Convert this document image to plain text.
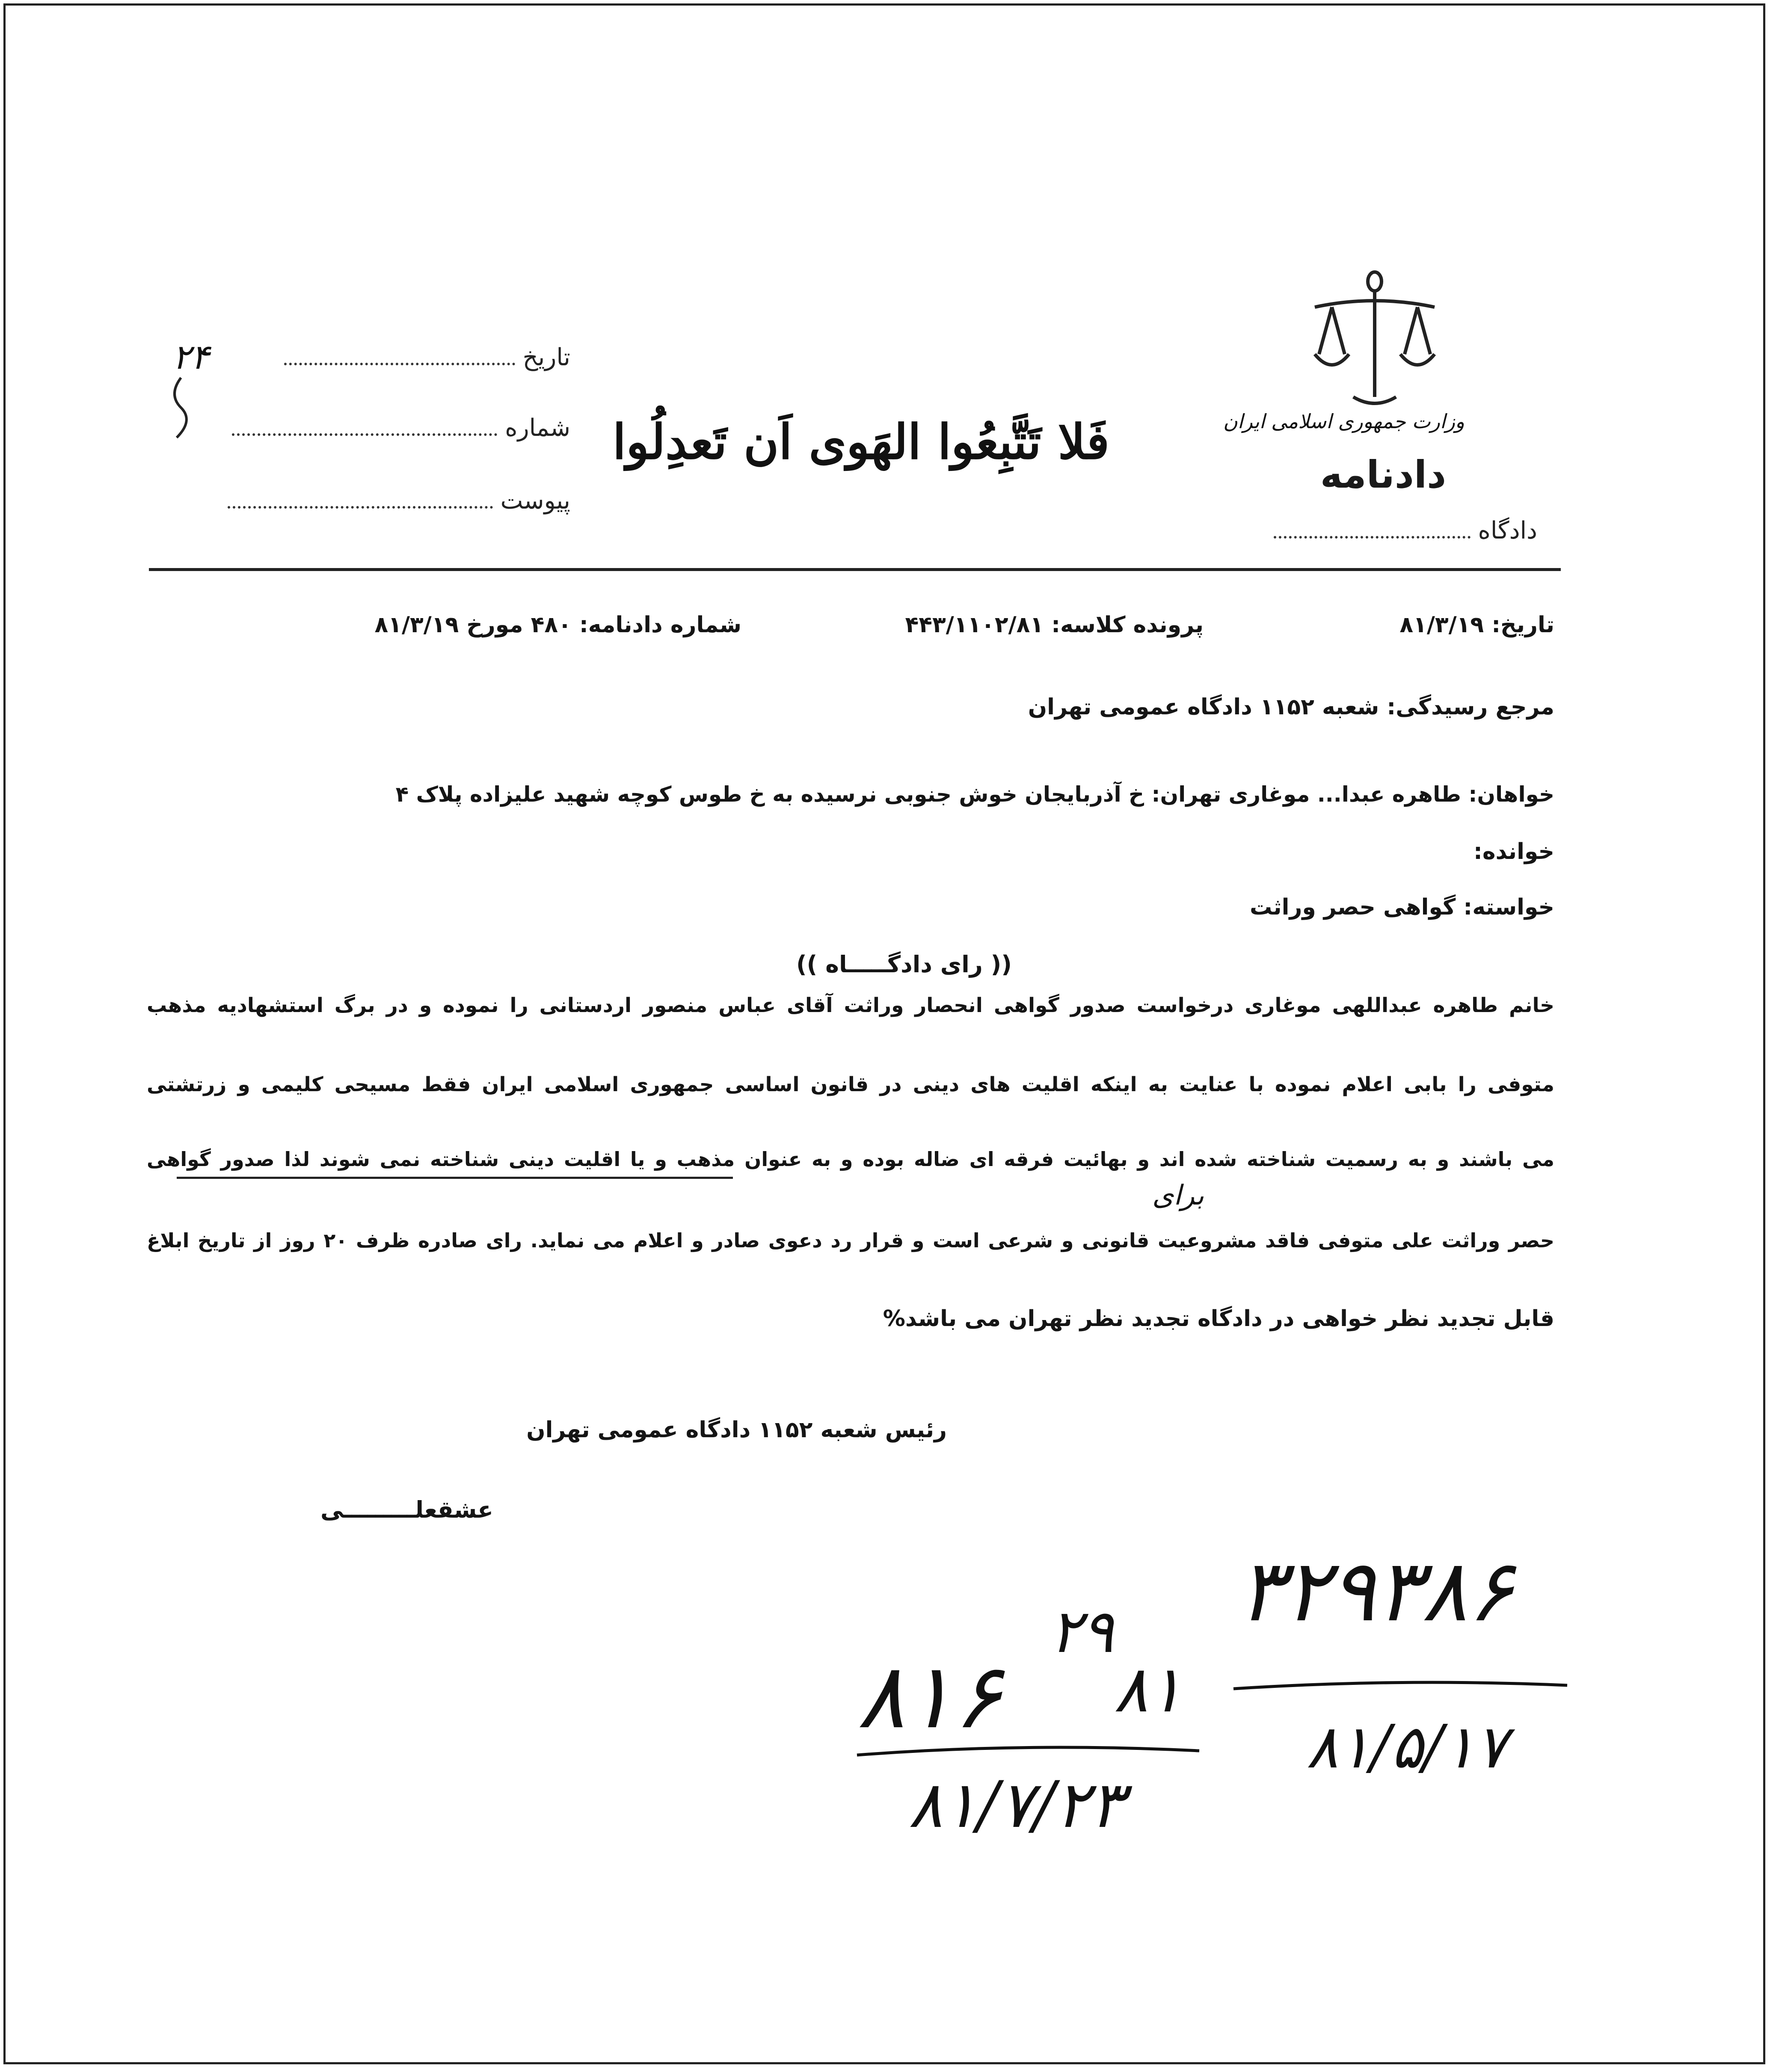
وزارت جمهوری اسلامی ایران
دادنامه
دادگاه
فَلا تَتَّبِعُوا الهَوی اَن تَعدِلُوا
تاریخ
شماره
پیوست
تاریخ: ۸۱/۳/۱۹
پرونده کلاسه: ۴۴۳/۱۱۰۲/۸۱
شماره دادنامه: ۴۸۰ مورخ ۸۱/۳/۱۹
مرجع رسیدگی: شعبه ۱۱۵۲ دادگاه عمومی تهران
خواهان: طاهره عبدا... موغاری تهران: خ آذربایجان خوش جنوبی نرسیده به خ طوس کوچه شهید علیزاده پلاک ۴
خوانده:
خواسته: گواهی حصر وراثت
(( رای دادگـــــاه ))
خانم طاهره عبداللهی موغاری درخواست صدور گواهی انحصار وراثت آقای عباس منصور اردستانی را نموده و در برگ استشهادیه مذهب
متوفی را بابی اعلام نموده با عنایت به اینکه اقلیت های دینی در قانون اساسی جمهوری اسلامی ایران فقط مسیحی کلیمی و زرتشتی
می باشند و به رسمیت شناخته شده اند و بهائیت فرقه ای ضاله بوده و به عنوان مذهب و یا اقلیت دینی شناخته نمی شوند لذا صدور گواهی
برای
حصر وراثت علی متوفی فاقد مشروعیت قانونی و شرعی است و قرار رد دعوی صادر و اعلام می نماید. رای صادره ظرف ۲۰ روز از تاریخ ابلاغ
قابل تجدید نظر خواهی در دادگاه تجدید نظر تهران می باشد%
رئیس شعبه ۱۱۵۲ دادگاه عمومی تهران
عشقعلـــــــــی
۲۴
۲۹
۸۱۶ ۸۱
۸۱/۷/۲۳
۳۲۹۳۸۶
۸۱/۵/۱۷
